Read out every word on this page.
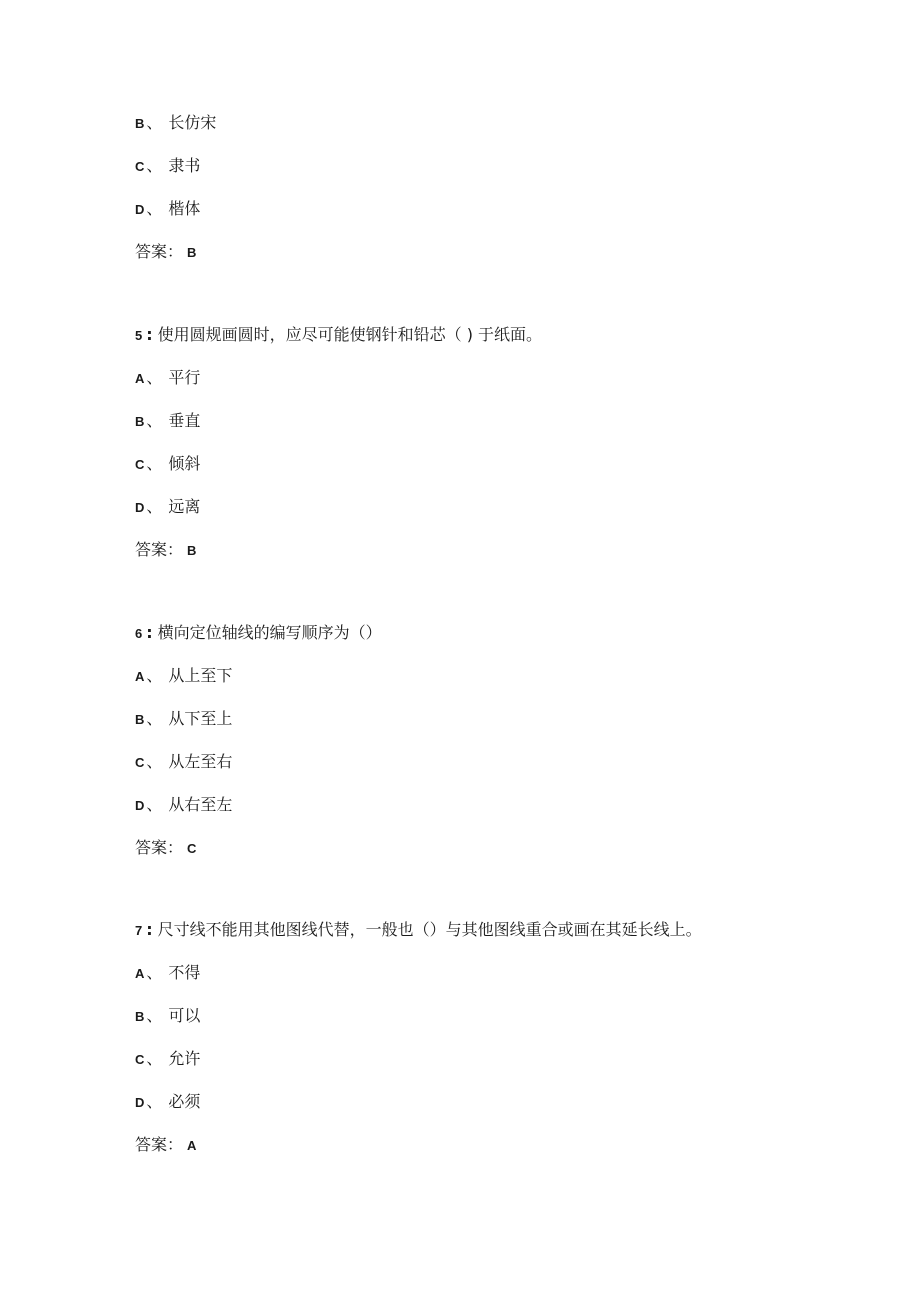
B 、 长仿宋
C 、 隶书
D 、 楷体
答案： B
5 : 使用圆规画圆时，应尽可能使钢针和铅芯（ ) 于纸面。
A 、 平行
B 、 垂直
C 、 倾斜
D 、 远离
答案： B
6 : 横向定位轴线的编写顺序为（）
A 、 从上至下
B 、 从下至上
C 、 从左至右
D 、 从右至左
答案： C
7 : 尺寸线不能用其他图线代替，一般也（）与其他图线重合或画在其延长线上。
A 、 不得
B 、 可以
C 、 允许
D 、 必须
答案： A
